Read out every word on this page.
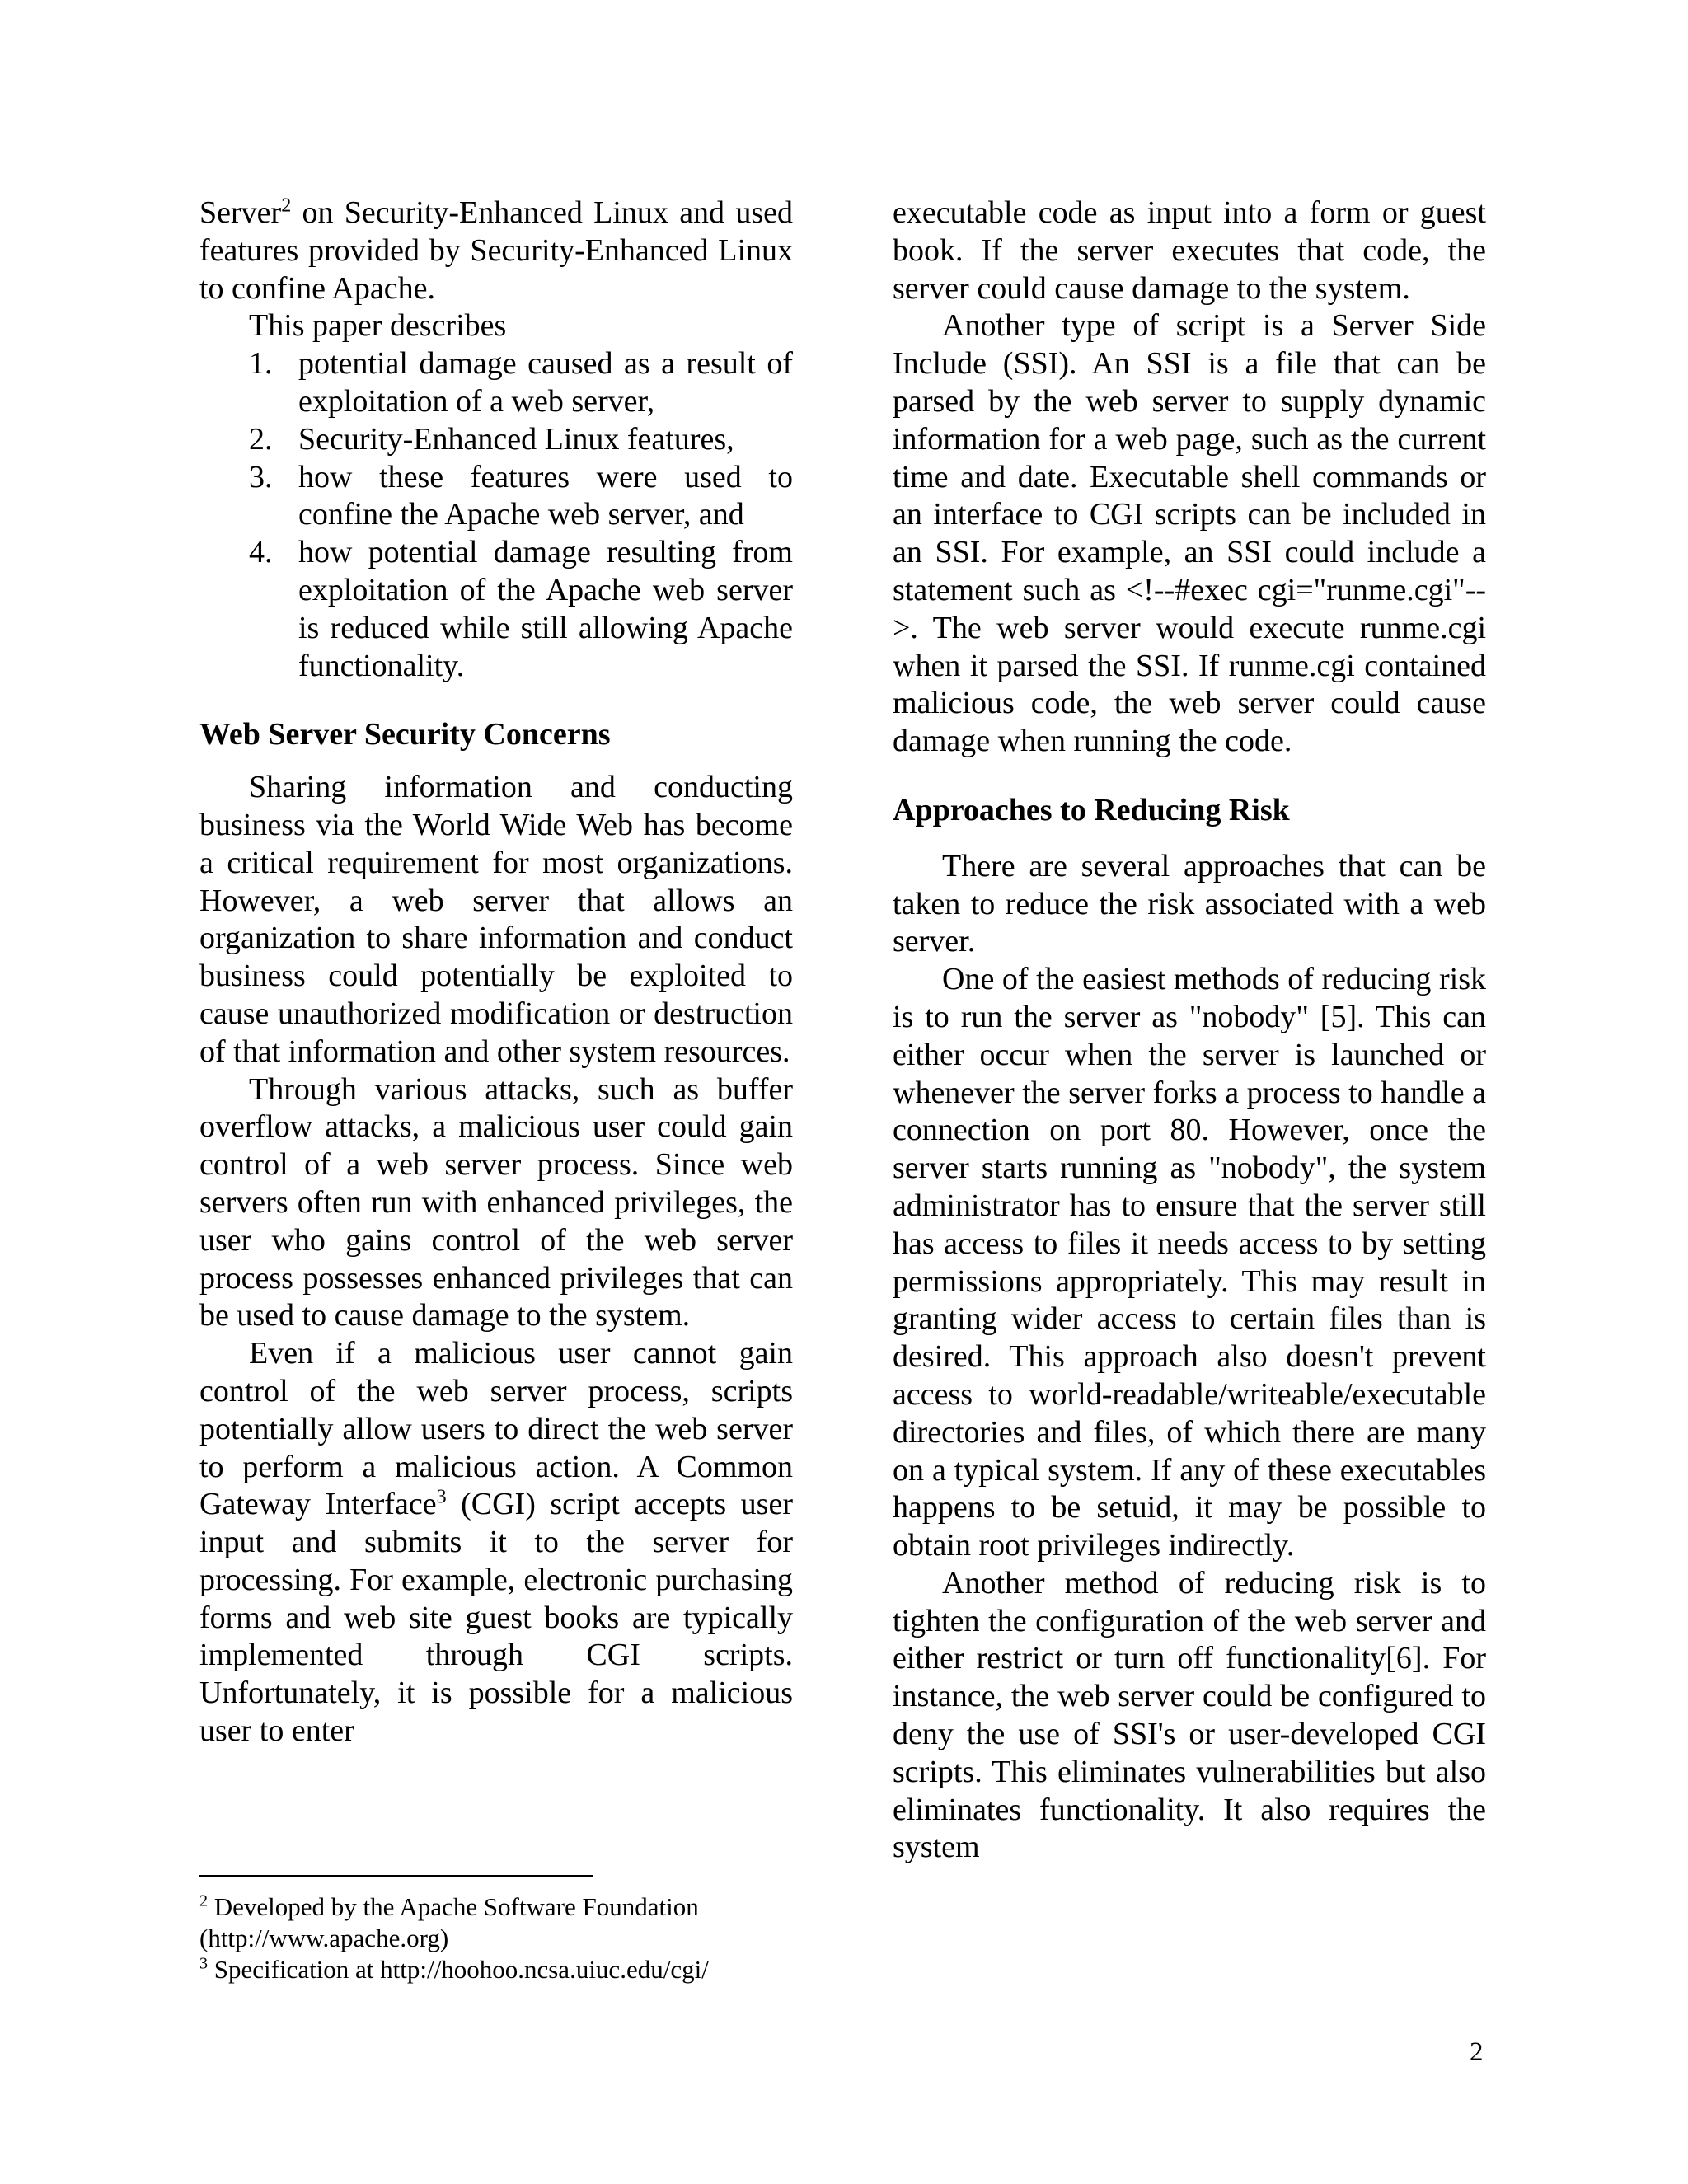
Server$^2$ on Security-Enhanced Linux and used features provided by Security-Enhanced Linux to confine Apache.

This paper describes

1. potential damage caused as a result of exploitation of a web server,
2. Security-Enhanced Linux features,
3. how these features were used to confine the Apache web server, and
4. how potential damage resulting from exploitation of the Apache web server is reduced while still allowing Apache functionality.
Web Server Security Concerns

Sharing information and conducting business via the World Wide Web has become a critical requirement for most organizations. However, a web server that allows an organization to share information and conduct business could potentially be exploited to cause unauthorized modification or destruction of that information and other system resources.

Through various attacks, such as buffer overflow attacks, a malicious user could gain control of a web server process. Since web servers often run with enhanced privileges, the user who gains control of the web server process possesses enhanced privileges that can be used to cause damage to the system.

Even if a malicious user cannot gain control of the web server process, scripts potentially allow users to direct the web server to perform a malicious action. A Common Gateway Interface$^3$ (CGI) script accepts user input and submits it to the server for processing. For example, electronic purchasing forms and web site guest books are typically implemented through CGI scripts. Unfortunately, it is possible for a malicious user to enter

executable code as input into a form or guest book. If the server executes that code, the server could cause damage to the system.

Another type of script is a Server Side Include (SSI). An SSI is a file that can be parsed by the web server to supply dynamic information for a web page, such as the current time and date. Executable shell commands or an interface to CGI scripts can be included in an SSI. For example, an SSI could include a statement such as <!--#exec cgi="runme.cgi"-->. The web server would execute runme.cgi when it parsed the SSI. If runme.cgi contained malicious code, the web server could cause damage when running the code.

Approaches to Reducing Risk

There are several approaches that can be taken to reduce the risk associated with a web server.

One of the easiest methods of reducing risk is to run the server as "nobody" [5]. This can either occur when the server is launched or whenever the server forks a process to handle a connection on port 80. However, once the server starts running as "nobody", the system administrator has to ensure that the server still has access to files it needs access to by setting permissions appropriately. This may result in granting wider access to certain files than is desired. This approach also doesn't prevent access to world-readable/writeable/executable directories and files, of which there are many on a typical system. If any of these executables happens to be setuid, it may be possible to obtain root privileges indirectly.

Another method of reducing risk is to tighten the configuration of the web server and either restrict or turn off functionality[6]. For instance, the web server could be configured to deny the use of SSI's or user-developed CGI scripts. This eliminates vulnerabilities but also eliminates functionality. It also requires the system

$^2$ Developed by the Apache Software Foundation (http://www.apache.org)

$^3$ Specification at http://hoohoo.ncsa.uiuc.edu/cgi/

2
